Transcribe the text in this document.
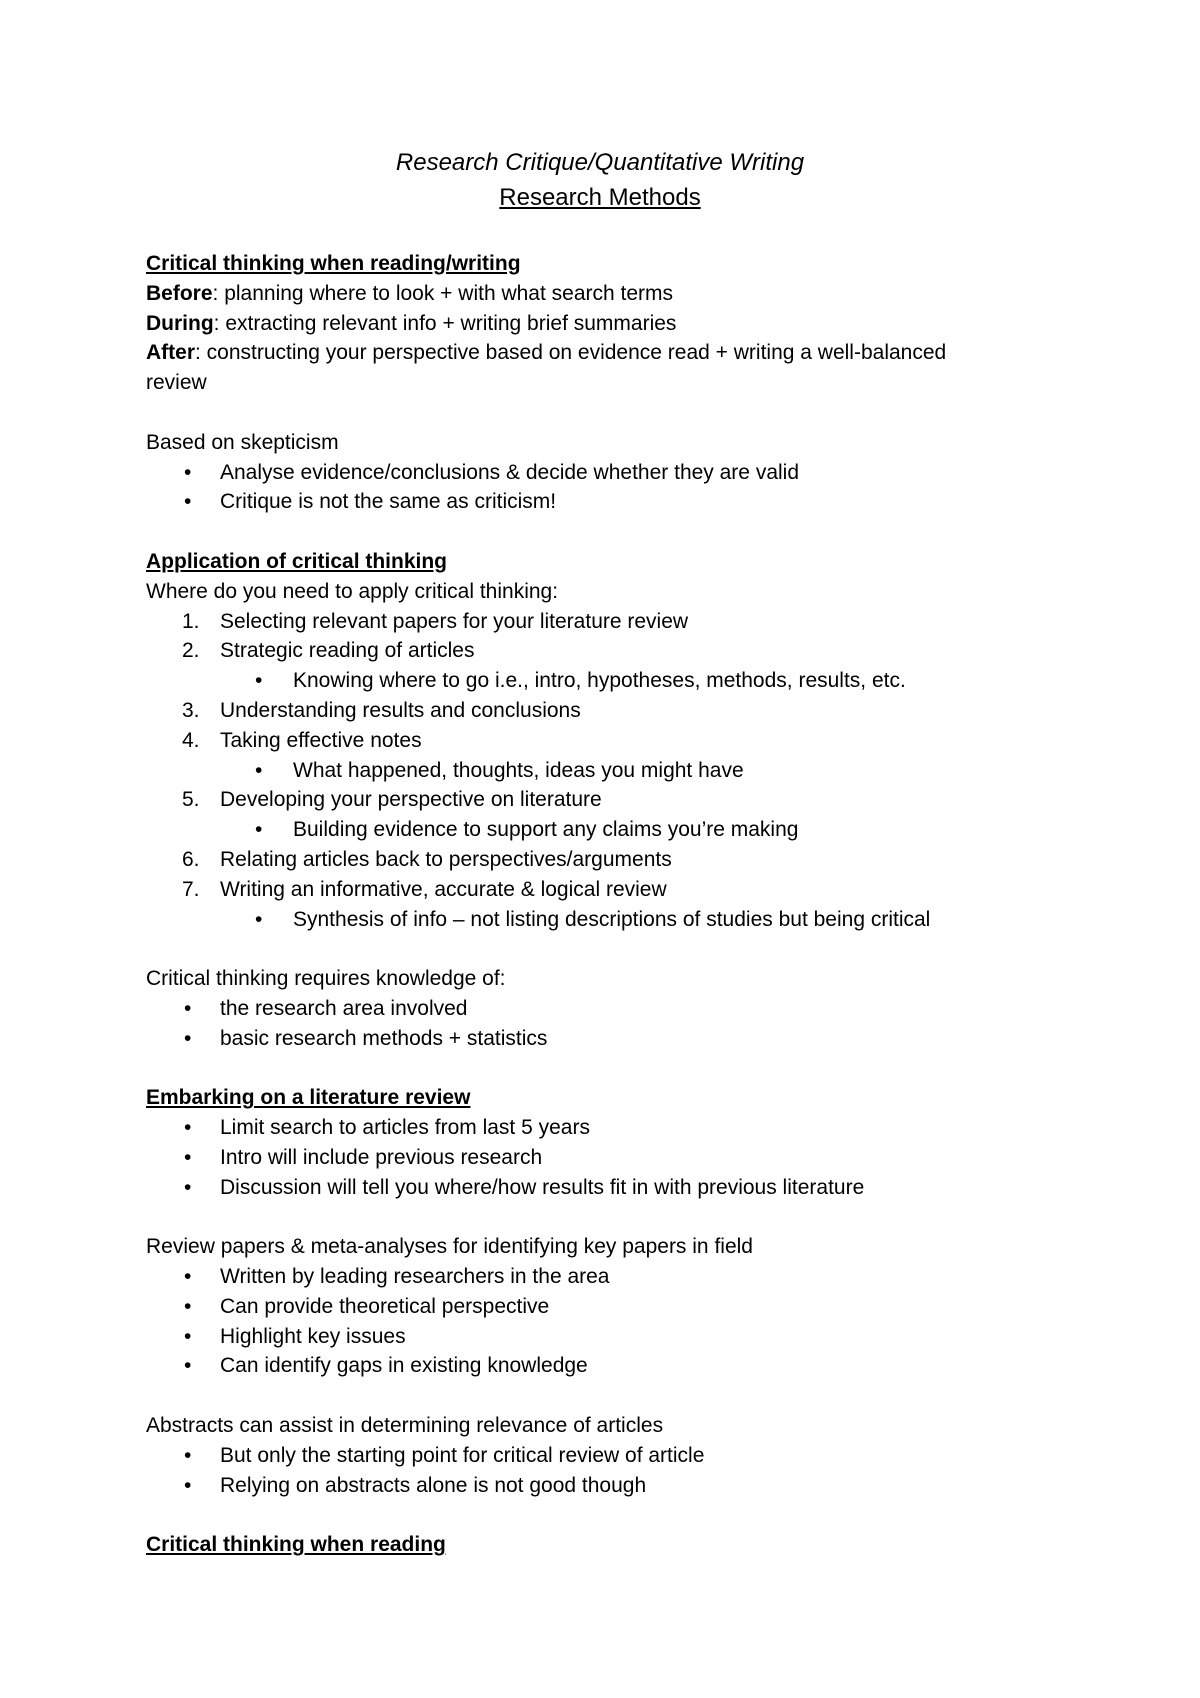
Research Critique/Quantitative Writing
Research Methods
Critical thinking when reading/writing
Before: planning where to look + with what search terms
During: extracting relevant info + writing brief summaries
After: constructing your perspective based on evidence read + writing a well-balanced review
Based on skepticism
• Analyse evidence/conclusions & decide whether they are valid
• Critique is not the same as criticism!
Application of critical thinking
Where do you need to apply critical thinking:
1. Selecting relevant papers for your literature review
2. Strategic reading of articles
• Knowing where to go i.e., intro, hypotheses, methods, results, etc.
3. Understanding results and conclusions
4. Taking effective notes
• What happened, thoughts, ideas you might have
5. Developing your perspective on literature
• Building evidence to support any claims you’re making
6. Relating articles back to perspectives/arguments
7. Writing an informative, accurate & logical review
• Synthesis of info – not listing descriptions of studies but being critical
Critical thinking requires knowledge of:
• the research area involved
• basic research methods + statistics
Embarking on a literature review
• Limit search to articles from last 5 years
• Intro will include previous research
• Discussion will tell you where/how results fit in with previous literature
Review papers & meta-analyses for identifying key papers in field
• Written by leading researchers in the area
• Can provide theoretical perspective
• Highlight key issues
• Can identify gaps in existing knowledge
Abstracts can assist in determining relevance of articles
• But only the starting point for critical review of article
• Relying on abstracts alone is not good though
Critical thinking when reading
